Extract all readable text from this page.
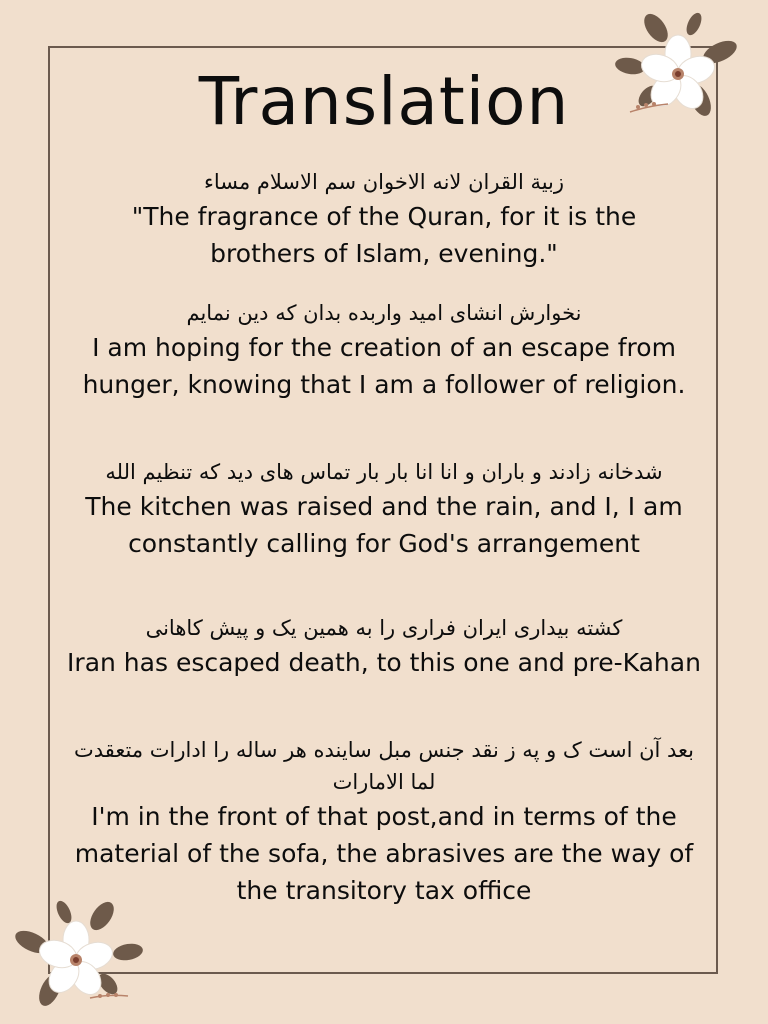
Translation
زبیة القران لانه الاخوان سم الاسلام مساء
"The fragrance of the Quran, for it is the brothers of Islam, evening."
نخوارش انشای امید واربده بدان که دین نمایم
I am hoping for the creation of an escape from hunger, knowing that I am a follower of religion.
شدخانه زادند و باران و انا انا بار بار تماس های دید که تنظیم الله
The kitchen was raised and the rain, and I, I am constantly calling for God's arrangement
کشته بیداری ایران فراری را به همین یک و پیش کاهانی
Iran has escaped death, to this one and pre-Kahan
بعد آن است ک و په ز نقد جنس مبل ساینده هر ساله را ادارات متعقدت لما الامارات
I'm in the front of that post,and in terms of the material of the sofa, the abrasives are the way of the transitory tax office
